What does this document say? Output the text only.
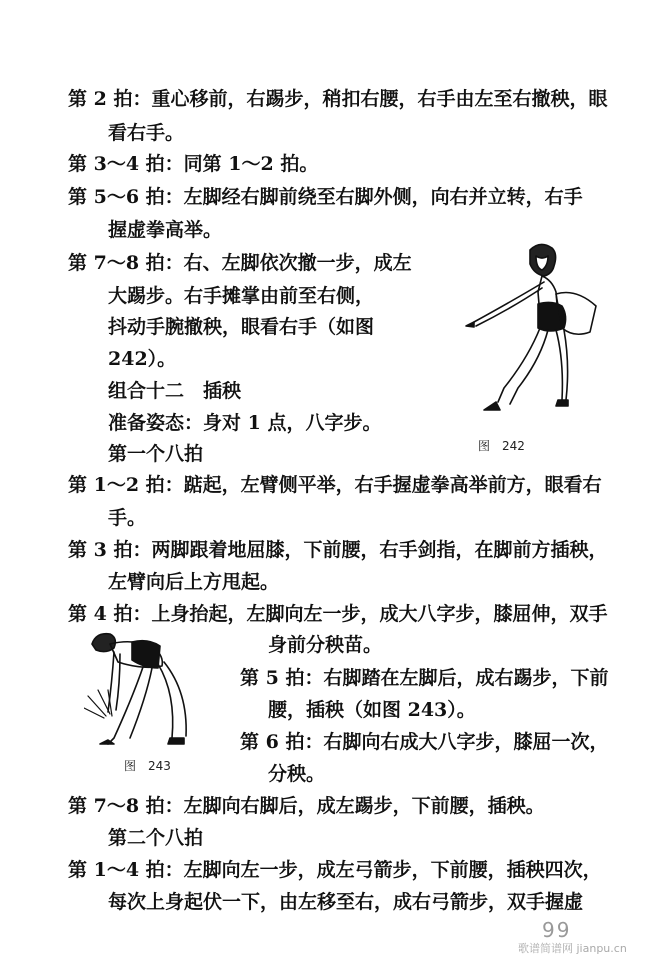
第 2 拍：重心移前，右踢步，稍扣右腰，右手由左至右撤秧，眼
看右手。
第 3～4 拍：同第 1～2 拍。
第 5～6 拍：左脚经右脚前绕至右脚外侧，向右并立转，右手
握虚拳高举。
第 7～8 拍：右、左脚依次撤一步，成左
大踢步。右手摊掌由前至右侧，
抖动手腕撤秧，眼看右手（如图
242）。
组合十二　插秧
准备姿态：身对 1 点，八字步。
第一个八拍
第 1～2 拍：踮起，左臂侧平举，右手握虚拳高举前方，眼看右
手。
第 3 拍：两脚跟着地屈膝，下前腰，右手剑指，在脚前方插秧，
左臂向后上方甩起。
第 4 拍：上身抬起，左脚向左一步，成大八字步，膝屈伸，双手
身前分秧苗。
第 5 拍：右脚踏在左脚后，成右踢步，下前
腰，插秧（如图 243）。
第 6 拍：右脚向右成大八字步，膝屈一次，
分秧。
第 7～8 拍：左脚向右脚后，成左踢步，下前腰，插秧。
第二个八拍
第 1～4 拍：左脚向左一步，成左弓箭步，下前腰，插秧四次，
每次上身起伏一下，由左移至右，成右弓箭步，双手握虚
图　242
图　243
99
歌谱简谱网 jianpu.cn
